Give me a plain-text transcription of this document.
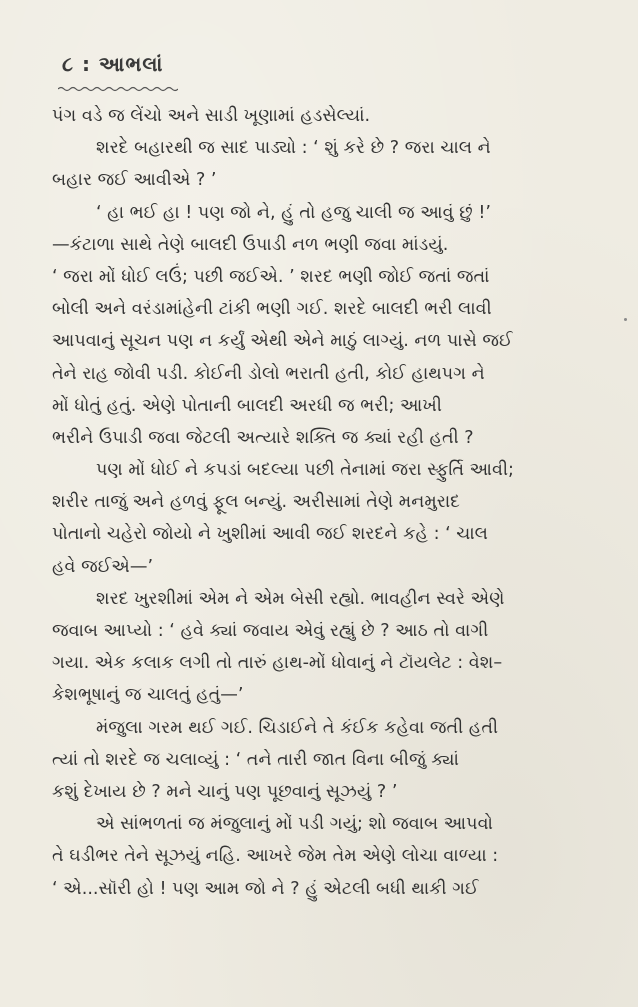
૮ : આભલાં
પંગ વડે જ લેંચો અને સાડી ખૂણામાં હડસેલ્યાં.
શરદે બહારથી જ સાદ પાડ્યો : ‘ શું કરે છે ? જરા ચાલ ને
બહાર જઈ આવીએ ? ’
‘ હા ભઈ હા ! પણ જો ને, હું તો હજુ ચાલી જ આવું છું !’
—કંટાળા સાથે તેણે બાલદી ઉપાડી નળ ભણી જવા માંડયું.
‘ જરા મોં ધોઈ લઉં; પછી જઈએ. ’ શરદ ભણી જોઈ જતાં જતાં
બોલી અને વરંડામાંહેની ટાંકી ભણી ગઈ. શરદે બાલદી ભરી લાવી
આપવાનું સૂચન પણ ન કર્યું એથી એને માઠું લાગ્યું. નળ પાસે જઈ
તેને રાહ જોવી પડી. કોઈની ડોલો ભરાતી હતી, કોઈ હાથપગ ને
મોં ધોતું હતું. એણે પોતાની બાલદી અરધી જ ભરી; આખી
ભરીને ઉપાડી જવા જેટલી અત્યારે શક્તિ જ ક્યાં રહી હતી ?
પણ મોં ધોઈ ને કપડાં બદલ્યા પછી તેનામાં જરા સ્ફુર્તિ આવી;
શરીર તાજું અને હળવું ફૂલ બન્યું. અરીસામાં તેણે મનમુરાદ
પોતાનો ચહેરો જોયો ને ખુશીમાં આવી જઈ શરદને કહે : ‘ ચાલ
હવે જઈએ—’
શરદ ખુરશીમાં એમ ને એમ બેસી રહ્યો. ભાવહીન સ્વરે એણે
જવાબ આપ્યો : ‘ હવે ક્યાં જવાય એવું રહ્યું છે ? આઠ તો વાગી
ગયા. એક કલાક લગી તો તારું હાથ-મોં ધોવાનું ને ટૉયલેટ : વેશ–
કેશભૂષાનું જ ચાલતું હતું—’
મંજુલા ગરમ થઈ ગઈ. ચિડાઈને તે કંઈક કહેવા જતી હતી
ત્યાં તો શરદે જ ચલાવ્યું : ‘ તને તારી જાત વિના બીજું ક્યાં
કશું દેખાય છે ? મને ચાનું પણ પૂછવાનું સૂઝયું ? ’
એ સાંભળતાં જ મંજુલાનું મોં પડી ગયું; શો જવાબ આપવો
તે ઘડીભર તેને સૂઝયું નહિ. આખરે જેમ તેમ એણે લોચા વાળ્યા :
‘ એ...સૉરી હો ! પણ આમ જો ને ? હું એટલી બધી થાકી ગઈ
